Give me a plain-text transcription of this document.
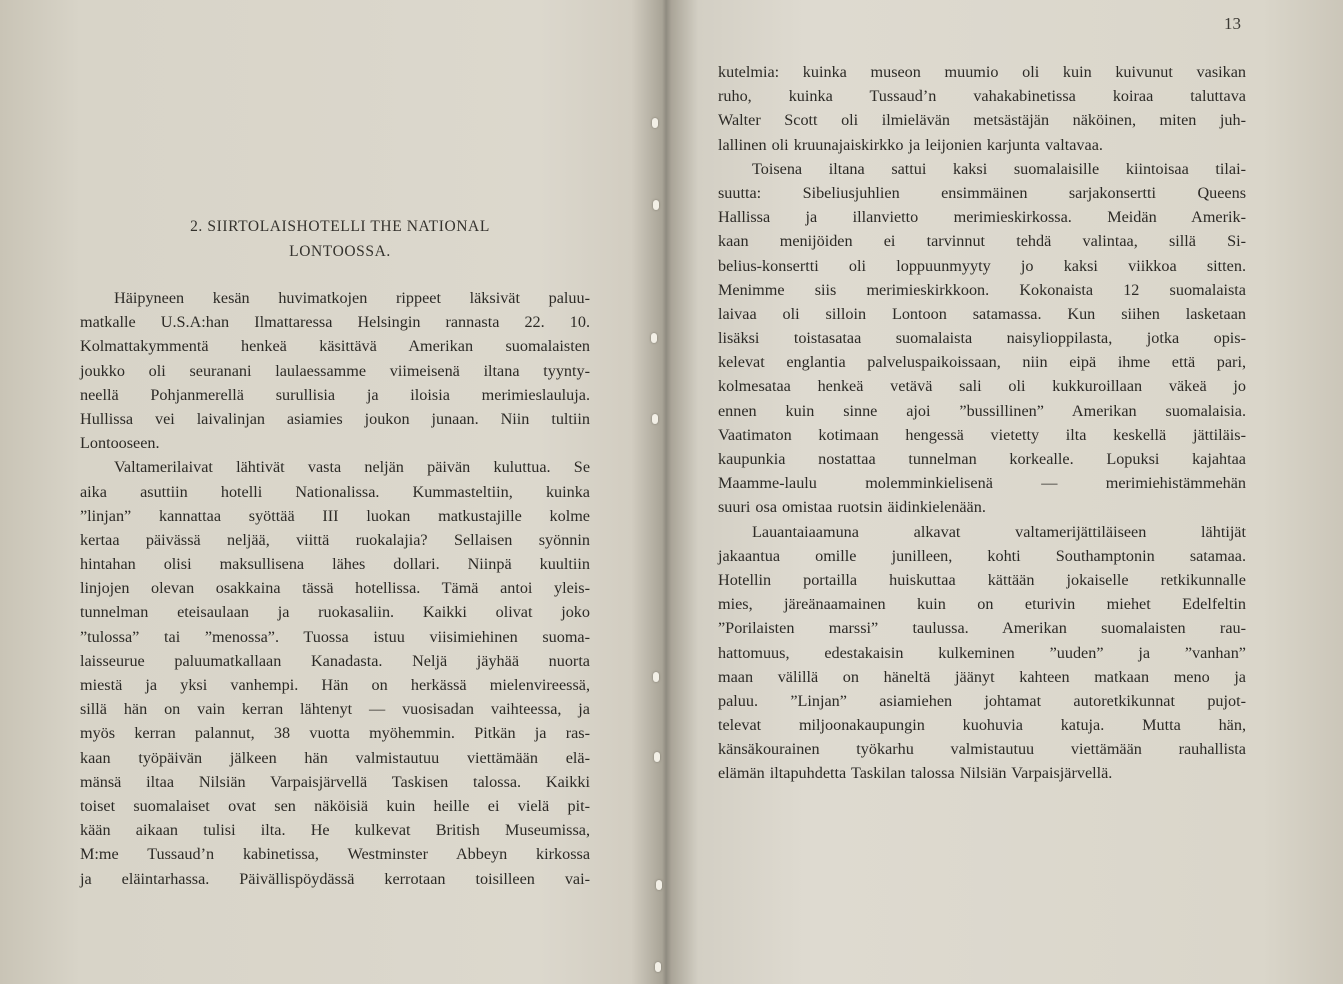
2. SIIRTOLAISHOTELLI THE NATIONAL
LONTOOSSA.
Häipyneen kesän huvimatkojen rippeet läksivät paluu-
matkalle U.S.A:han Ilmattaressa Helsingin rannasta 22. 10.
Kolmattakymmentä henkeä käsittävä Amerikan suomalaisten
joukko oli seuranani laulaessamme viimeisenä iltana tyynty-
neellä Pohjanmerellä surullisia ja iloisia merimieslauluja.
Hullissa vei laivalinjan asiamies joukon junaan. Niin tultiin
Lontooseen.
Valtamerilaivat lähtivät vasta neljän päivän kuluttua. Se
aika asuttiin hotelli Nationalissa. Kummasteltiin, kuinka
”linjan” kannattaa syöttää III luokan matkustajille kolme
kertaa päivässä neljää, viittä ruokalajia? Sellaisen syönnin
hintahan olisi maksullisena lähes dollari. Niinpä kuultiin
linjojen olevan osakkaina tässä hotellissa. Tämä antoi yleis-
tunnelman eteisaulaan ja ruokasaliin. Kaikki olivat joko
”tulossa” tai ”menossa”. Tuossa istuu viisimiehinen suoma-
laisseurue paluumatkallaan Kanadasta. Neljä jäyhää nuorta
miestä ja yksi vanhempi. Hän on herkässä mielenvireessä,
sillä hän on vain kerran lähtenyt — vuosisadan vaihteessa, ja
myös kerran palannut, 38 vuotta myöhemmin. Pitkän ja ras-
kaan työpäivän jälkeen hän valmistautuu viettämään elä-
mänsä iltaa Nilsiän Varpaisjärvellä Taskisen talossa. Kaikki
toiset suomalaiset ovat sen näköisiä kuin heille ei vielä pit-
kään aikaan tulisi ilta. He kulkevat British Museumissa,
M:me Tussaud’n kabinetissa, Westminster Abbeyn kirkossa
ja eläintarhassa. Päivällispöydässä kerrotaan toisilleen vai-
13
kutelmia: kuinka museon muumio oli kuin kuivunut vasikan
ruho, kuinka Tussaud’n vahakabinetissa koiraa taluttava
Walter Scott oli ilmielävän metsästäjän näköinen, miten juh-
lallinen oli kruunajaiskirkko ja leijonien karjunta valtavaa.
Toisena iltana sattui kaksi suomalaisille kiintoisaa tilai-
suutta: Sibeliusjuhlien ensimmäinen sarjakonsertti Queens
Hallissa ja illanvietto merimieskirkossa. Meidän Amerik-
kaan menijöiden ei tarvinnut tehdä valintaa, sillä Si-
belius-konsertti oli loppuunmyyty jo kaksi viikkoa sitten.
Menimme siis merimieskirkkoon. Kokonaista 12 suomalaista
laivaa oli silloin Lontoon satamassa. Kun siihen lasketaan
lisäksi toistasataa suomalaista naisylioppilasta, jotka opis-
kelevat englantia palveluspaikoissaan, niin eipä ihme että pari,
kolmesataa henkeä vetävä sali oli kukkuroillaan väkeä jo
ennen kuin sinne ajoi ”bussillinen” Amerikan suomalaisia.
Vaatimaton kotimaan hengessä vietetty ilta keskellä jättiläis-
kaupunkia nostattaa tunnelman korkealle. Lopuksi kajahtaa
Maamme-laulu molemminkielisenä — merimiehistämmehän
suuri osa omistaa ruotsin äidinkielenään.
Lauantaiaamuna alkavat valtamerijättiläiseen lähtijät
jakaantua omille junilleen, kohti Southamptonin satamaa.
Hotellin portailla huiskuttaa kättään jokaiselle retkikunnalle
mies, järeänaamainen kuin on eturivin miehet Edelfeltin
”Porilaisten marssi” taulussa. Amerikan suomalaisten rau-
hattomuus, edestakaisin kulkeminen ”uuden” ja ”vanhan”
maan välillä on häneltä jäänyt kahteen matkaan meno ja
paluu. ”Linjan” asiamiehen johtamat autoretkikunnat pujot-
televat miljoonakaupungin kuohuvia katuja. Mutta hän,
känsäkourainen työkarhu valmistautuu viettämään rauhallista
elämän iltapuhdetta Taskilan talossa Nilsiän Varpaisjärvellä.
